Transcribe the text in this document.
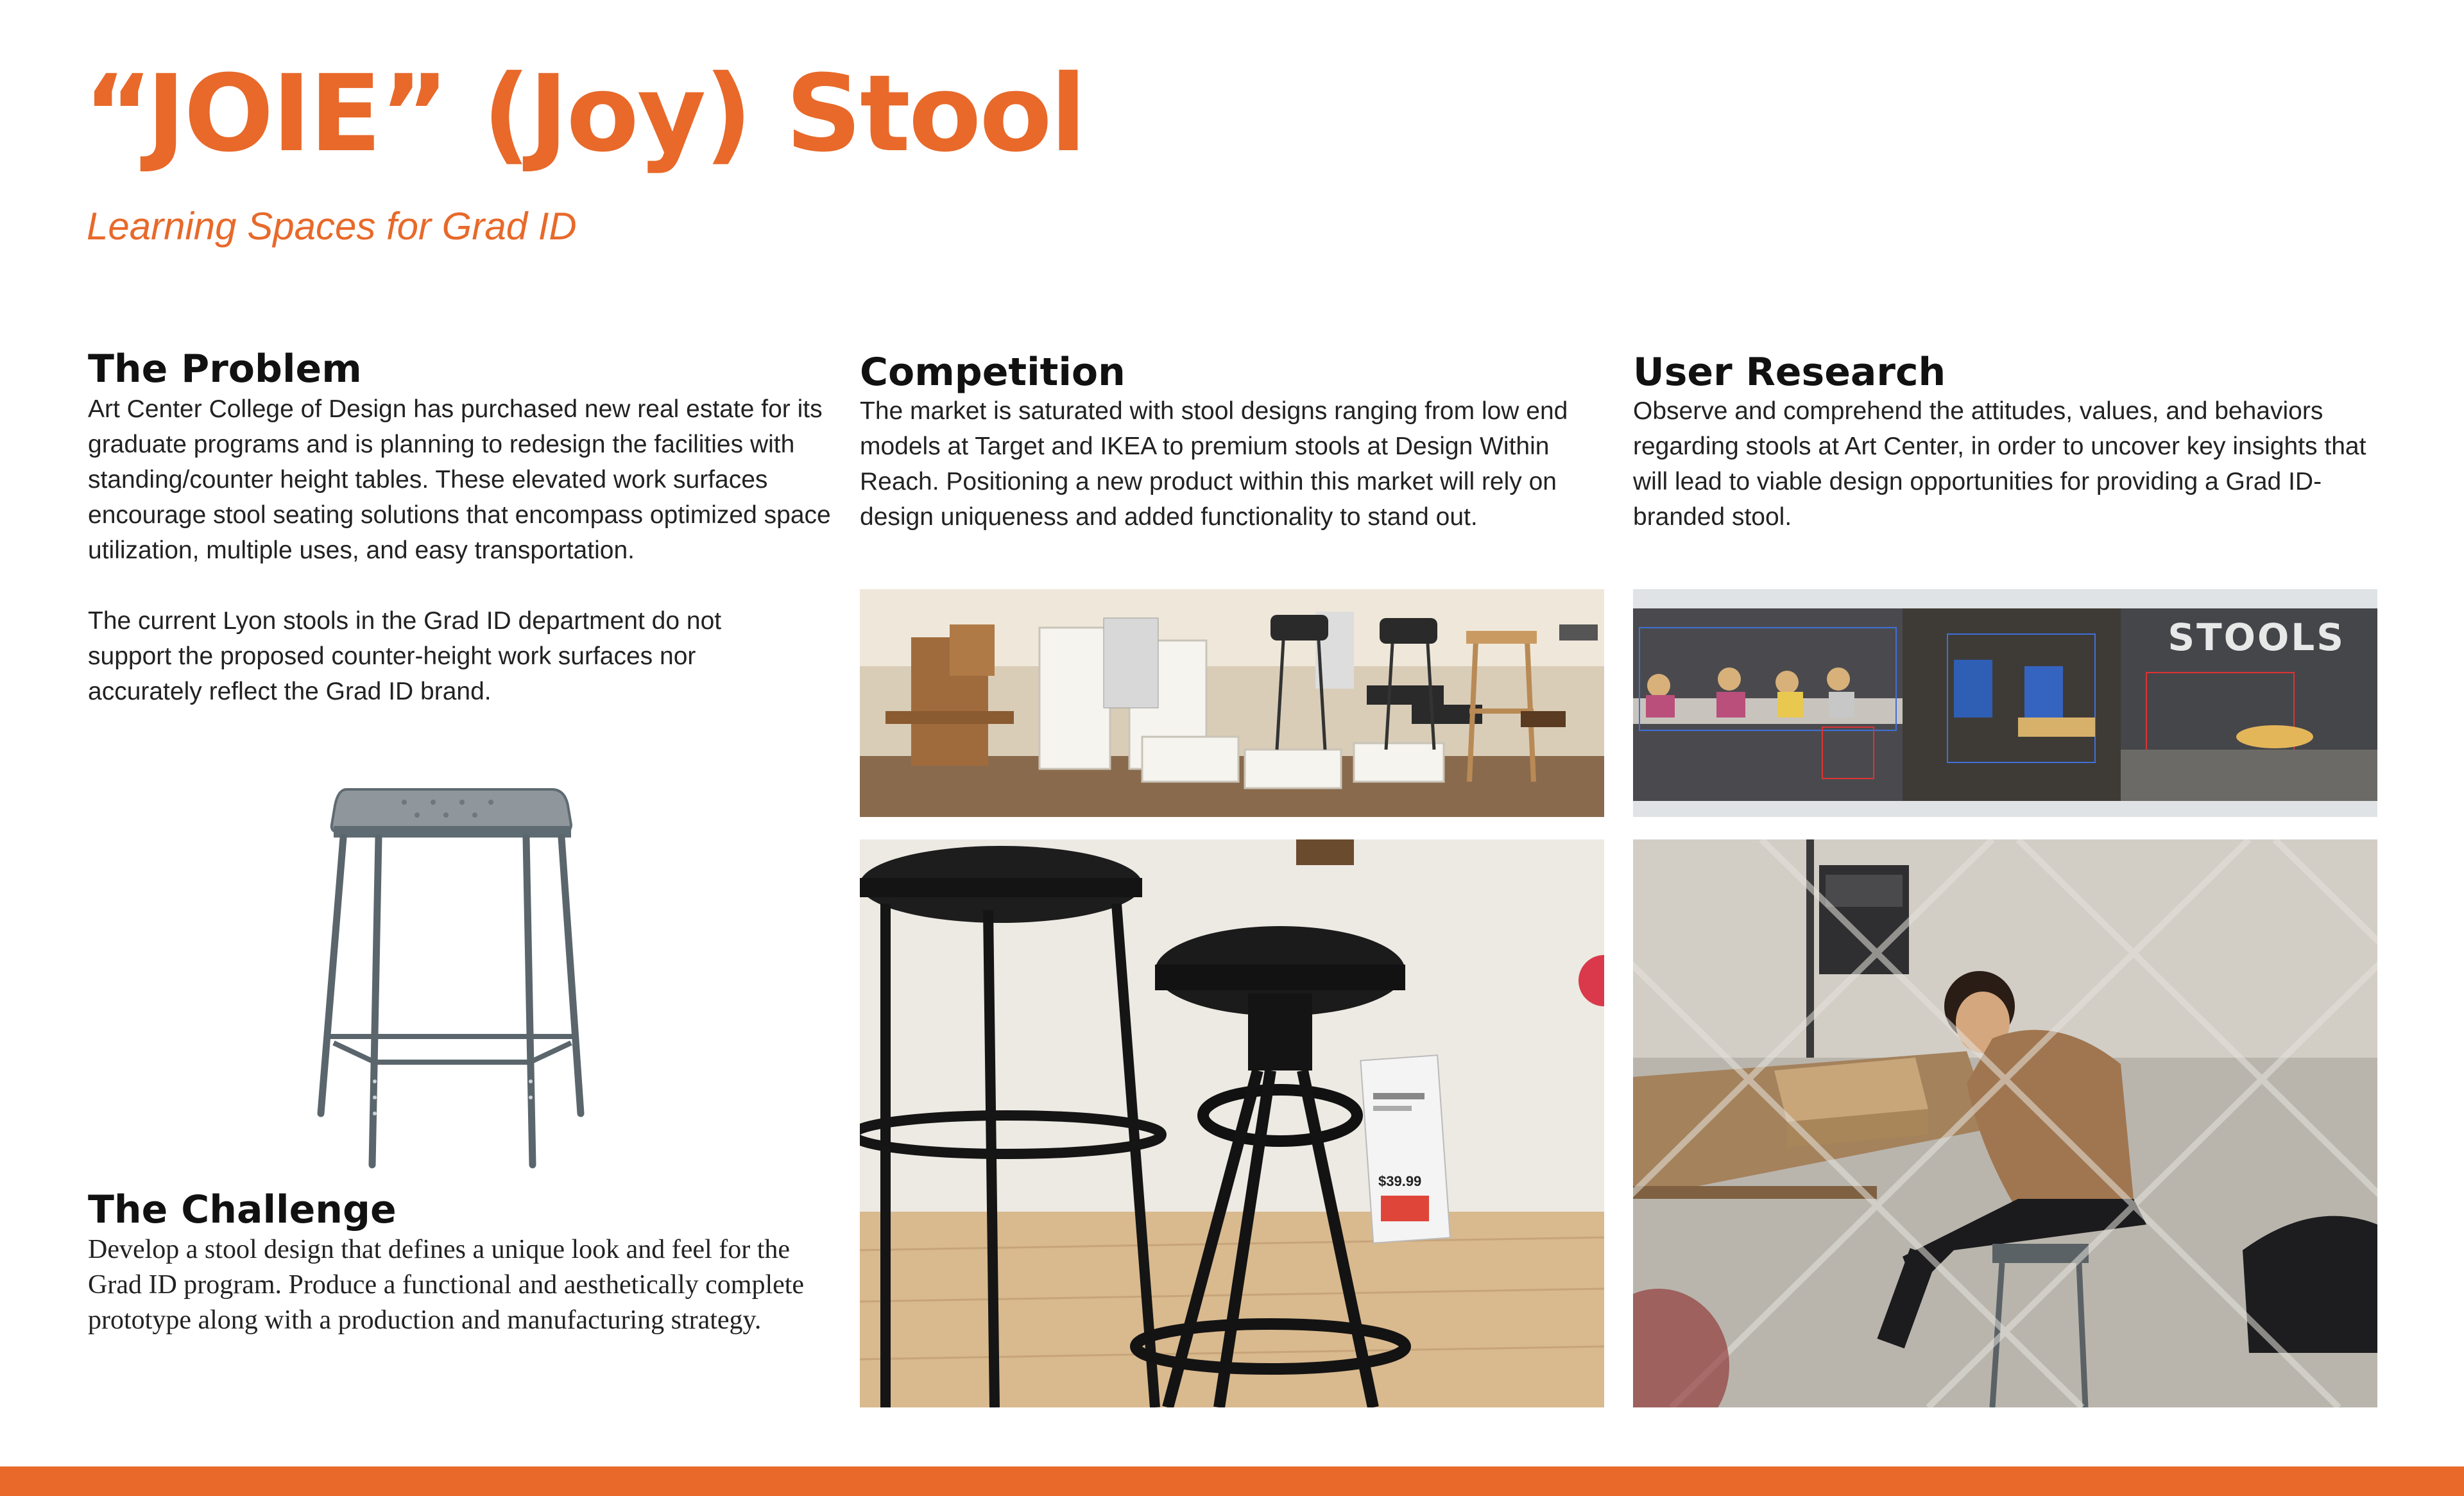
“JOIE” (Joy) Stool
Learning Spaces for Grad ID
The Problem
Art Center College of Design has purchased new real estate for its graduate programs and is planning to redesign the facilities with standing/counter height tables. These elevated work surfaces encourage stool seating solutions that encompass optimized space utilization, multiple uses, and easy transportation.
The current Lyon stools in the Grad ID department do not support the proposed counter-height work surfaces nor accurately reflect the Grad ID brand.
The Challenge
Develop a stool design that defines a unique look and feel for the Grad ID program. Produce a functional and aesthetically complete prototype along with a production and manufacturing strategy.
Competition
The market is saturated with stool designs ranging from low end models at Target and IKEA to premium stools at Design Within Reach. Positioning a new product within this market will rely on design uniqueness and added functionality to stand out.
$39.99
User Research
Observe and comprehend the attitudes, values, and behaviors regarding stools at Art Center, in order to uncover key insights that will lead to viable design opportunities for providing a Grad ID-branded stool.
STOOLS
